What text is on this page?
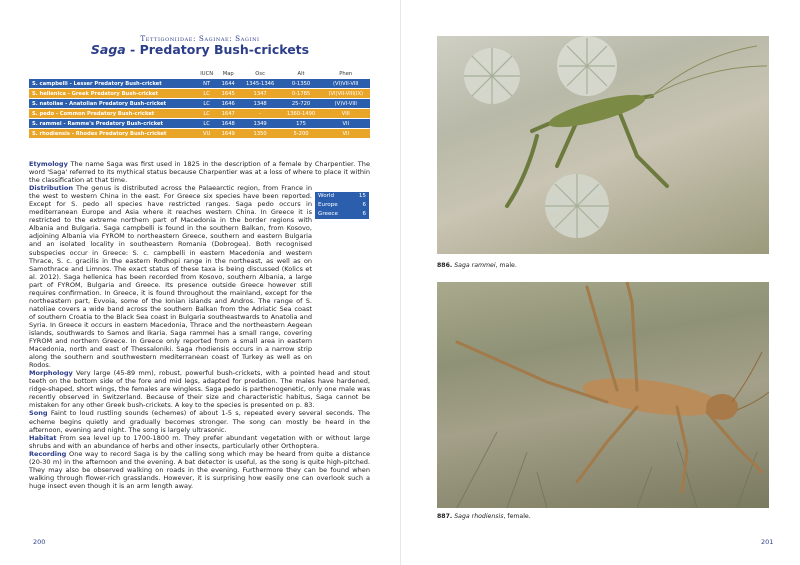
Tettigoniidae: Saginae: Sagini
Saga - Predatory Bush-crickets
	IUCN	Map	Osc	Alt	Phen
S. campbelli - Lesser Predatory Bush-cricket	NT	1644	1345-1346	0-1350	(VI)VII-VIII
S. hellenica - Greek Predatory Bush-cricket	LC	1645	1347	0-1785	(VI)VII-VIII(IX)
S. natoliae - Anatolian Predatory Bush-cricket	LC	1646	1348	25-720	(V)VI-VIII
S. pedo - Common Predatory Bush-cricket	LC	1647	-	1360-1490	VIII
S. rammei - Ramme's Predatory Bush-cricket	LC	1648	1349	175	VII
S. rhodiensis - Rhodes Predatory Bush-cricket	VU	1649	1350	5-200	VII

Etymology The name Saga was first used in 1825 in the description of a female by Charpentier. The word 'Saga' referred to its mythical status because Charpentier was at a loss of where to place it within the classification at that time.

Distribution The genus is distributed across the Palaearctic region, from France in the west to western China in the east. For Greece six species have been reported. Except for S. pedo all species have restricted ranges. Saga pedo occurs in mediterranean Europe and Asia where it reaches western China. In Greece it is restricted to the extreme northern part of Macedonia in the border regions with Albania and Bulgaria. Saga campbelli is found in the southern Balkan, from Kosovo, adjoining Albania via FYROM to northeastern Greece, southern and eastern Bulgaria and an isolated locality in southeastern Romania (Dobrogea). Both recognised subspecies occur in Greece: S. c. campbelli in eastern Macedonia and western Thrace, S. c. gracilis in the eastern Rodhopi range in the northeast, as well as on Samothrace and Limnos. The exact status of these taxa is being discussed (Kolics et al. 2012). Saga hellenica has been recorded from Kosovo, southern Albania, a large part of FYROM, Bulgaria and Greece. Its presence outside Greece however still requires confirmation. In Greece, it is found throughout the mainland, except for the northeastern part, Evvoia, some of the Ionian islands and Andros. The range of S. natoliae covers a wide band across the southern Balkan from the Adriatic Sea coast of southern Croatia to the Black Sea coast in Bulgaria southeastwards to Anatolia and Syria. In Greece it occurs in eastern Macedonia, Thrace and the northeastern Aegean islands, southwards to Samos and Ikaria. Saga rammei has a small range, covering FYROM and northern Greece. In Greece only reported from a small area in eastern Macedonia, north and east of Thessaloniki. Saga rhodiensis occurs in a narrow strip along the southern and southwestern mediterranean coast of Turkey as well as on Rodos.

Morphology Very large (45-89 mm), robust, powerful bush-crickets, with a pointed head and stout teeth on the bottom side of the fore and mid legs, adapted for predation. The males have hardened, ridge-shaped, short wings, the females are wingless. Saga pedo is parthenogenetic, only one male was recently observed in Switzerland. Because of their size and characteristic habitus, Saga cannot be mistaken for any other Greek bush-crickets. A key to the species is presented on p. 83.

Song Faint to loud rustling sounds (echemes) of about 1-5 s, repeated every several seconds. The echeme begins quietly and gradually becomes stronger. The song can mostly be heard in the afternoon, evening and night. The song is largely ultrasonic.

Habitat From sea level up to 1700-1800 m. They prefer abundant vegetation with or without large shrubs and with an abundance of herbs and other insects, particularly other Orthoptera.

Recording One way to record Saga is by the calling song which may be heard from quite a distance (20-30 m) in the afternoon and the evening. A bat detector is useful, as the song is quite high-pitched. They may also be observed walking on roads in the evening. Furthermore they can be found when walking through flower-rich grasslands. However, it is surprising how easily one can overlook such a huge insect even though it is an arm length away.

World	15
Europe	6
Greece	6
200
886. Saga rammei, male.
887. Saga rhodiensis, female.
201
